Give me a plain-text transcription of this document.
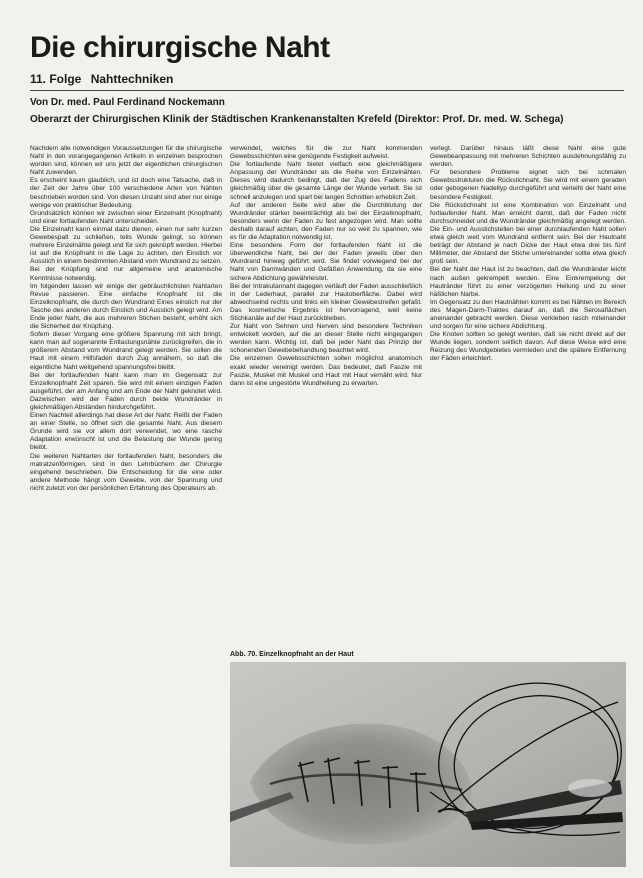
Die chirurgische Naht
11. Folge Nahttechniken

Von Dr. med. Paul Ferdinand Nockemann

Oberarzt der Chirurgischen Klinik der Städtischen Krankenanstalten Krefeld (Direktor: Prof. Dr. med. W. Schega)

Nachdem alle notwendigen Voraussetzungen für die chirurgische Naht in den vorangegangenen Artikeln in einzelnen besprochen worden sind, können wir uns jetzt der eigentlichen chirurgischen Naht zuwenden.

Es erscheint kaum glaublich, und ist doch eine Tatsache, daß in der Zeit der Jahre über 100 verschiedene Arten von Nähten beschrieben worden sind. Von diesen Unzahl sind aber nur einige wenige von praktischer Bedeutung.

Grundsätzlich können wir zwischen einer Einzelnaht (Knopfnaht) und einer fortlaufenden Naht unterscheiden.

Die Einzelnaht kann einmal dazu dienen, einen nur sehr kurzen Gewebespalt zu schließen, teils Wunde gelingt, so können mehrere Einzelnähte gelegt und für sich geknüpft werden. Hierbei ist auf die Knüpfnaht in die Lage zu achten, den Einstich vor Ausstich in einem bestimmten Abstand vom Wundrand zu setzen. Bei der Knüpfung sind nur allgemeine und anatomische Kenntnisse notwendig.

Im folgenden lassen wir einige der gebräuchlichsten Nahtarten Revue passieren. Eine einfache Knopfnaht ist die Einzelknopfnaht, die durch den Wundrand Eines einstich nur der Tasche des anderen durch Einstich und Ausstich gelegt wird. Am Ende jeder Naht, die aus mehreren Stichen besteht, erhöht sich die Sicherheit der Knüpfung.

Sofern dieser Vorgang eine größere Spannung mit sich bringt, kann man auf sogenannte Entlastungsnähte zurückgreifen, die in größerem Abstand vom Wundrand gelegt werden. Sie sollen die Haut mit einem Hilfsfaden durch Zug annähern, so daß die eigentliche Naht weitgehend spannungsfrei bleibt.

Bei der fortlaufenden Naht kann man im Gegensatz zur Einzelknopfnaht Zeit sparen. Sie wird mit einem einzigen Faden ausgeführt, der am Anfang und am Ende der Naht geknotet wird. Dazwischen wird der Faden durch beide Wundränder in gleichmäßigen Abständen hindurchgeführt.

Einen Nachteil allerdings hat diese Art der Naht: Reißt der Faden an einer Stelle, so öffnet sich die gesamte Naht. Aus diesem Grunde wird sie vor allem dort verwendet, wo eine rasche Adaptation erwünscht ist und die Belastung der Wunde gering bleibt.

Die weiteren Nahtarten der fortlaufenden Naht, besonders die matratzenförmigen, sind in den Lehrbüchern der Chirurgie eingehend beschrieben. Die Entscheidung für die eine oder andere Methode hängt vom Gewebe, von der Spannung und nicht zuletzt von der persönlichen Erfahrung des Operateurs ab.

verwendet, welches für die zur Naht kommenden Gewebsschichten eine genügende Festigkeit aufweist.

Die fortlaufende Naht bietet vielfach eine gleichmäßigere Anpassung der Wundränder als die Reihe von Einzelnähten. Dieses wird dadurch bedingt, daß der Zug des Fadens sich gleichmäßig über die gesamte Länge der Wunde verteilt. Sie ist schnell anzulegen und spart bei langen Schnitten erheblich Zeit.

Auf der anderen Seite wird aber die Durchblutung der Wundränder stärker beeinträchtigt als bei der Einzelknopfnaht, besonders wenn der Faden zu fest angezogen wird. Man sollte deshalb darauf achten, den Faden nur so weit zu spannen, wie es für die Adaptation notwendig ist.

Eine besondere Form der fortlaufenden Naht ist die überwendliche Naht, bei der der Faden jeweils über den Wundrand hinweg geführt wird. Sie findet vorwiegend bei der Naht von Darmwänden und Gefäßen Anwendung, da sie eine sichere Abdichtung gewährleistet.

Bei der Intrakutannaht dagegen verläuft der Faden ausschließlich in der Lederhaut, parallel zur Hautoberfläche. Dabei wird abwechselnd rechts und links ein kleiner Gewebestreifen gefaßt. Das kosmetische Ergebnis ist hervorragend, weil keine Stichkanäle auf der Haut zurückbleiben.

Zur Naht von Sehnen und Nerven sind besondere Techniken entwickelt worden, auf die an dieser Stelle nicht eingegangen werden kann. Wichtig ist, daß bei jeder Naht das Prinzip der schonenden Gewebebehandlung beachtet wird.

Die einzelnen Gewebsschichten sollen möglichst anatomisch exakt wieder vereinigt werden. Das bedeutet, daß Faszie mit Faszie, Muskel mit Muskel und Haut mit Haut vernäht wird. Nur dann ist eine ungestörte Wundheilung zu erwarten.

verlegt. Darüber hinaus läßt diese Naht eine gute Gewebeanpassung mit mehreren Schichten ausdehnungsfähig zu werden.

Für besondere Probleme eignet sich bei schmalen Gewebsstrukturen die Rückstichnaht. Sie wird mit einem geraden oder gebogenen Nadeltyp durchgeführt und verleiht der Naht eine besondere Festigkeit.

Die Rückstichnaht ist eine Kombination von Einzelnaht und fortlaufender Naht. Man erreicht damit, daß der Faden nicht durchschneidet und die Wundränder gleichmäßig angelegt werden.

Die Ein- und Ausstichstellen bei einer durchlaufenden Naht sollen etwa gleich weit vom Wundrand entfernt sein. Bei der Hautnaht beträgt der Abstand je nach Dicke der Haut etwa drei bis fünf Millimeter, der Abstand der Stiche untereinander sollte etwa gleich groß sein.

Bei der Naht der Haut ist zu beachten, daß die Wundränder leicht nach außen gekrempelt werden. Eine Einkrempelung der Hautränder führt zu einer verzögerten Heilung und zu einer häßlichen Narbe.

Im Gegensatz zu den Hautnähten kommt es bei Nähten im Bereich des Magen-Darm-Traktes darauf an, daß die Serosaflächen aneinander gebracht werden. Diese verkleben rasch miteinander und sorgen für eine sichere Abdichtung.

Die Knoten sollten so gelegt werden, daß sie nicht direkt auf der Wunde liegen, sondern seitlich davon. Auf diese Weise wird eine Reizung des Wundgebietes vermieden und die spätere Entfernung der Fäden erleichtert.

Abb. 70. Einzelknopfnaht an der Haut
